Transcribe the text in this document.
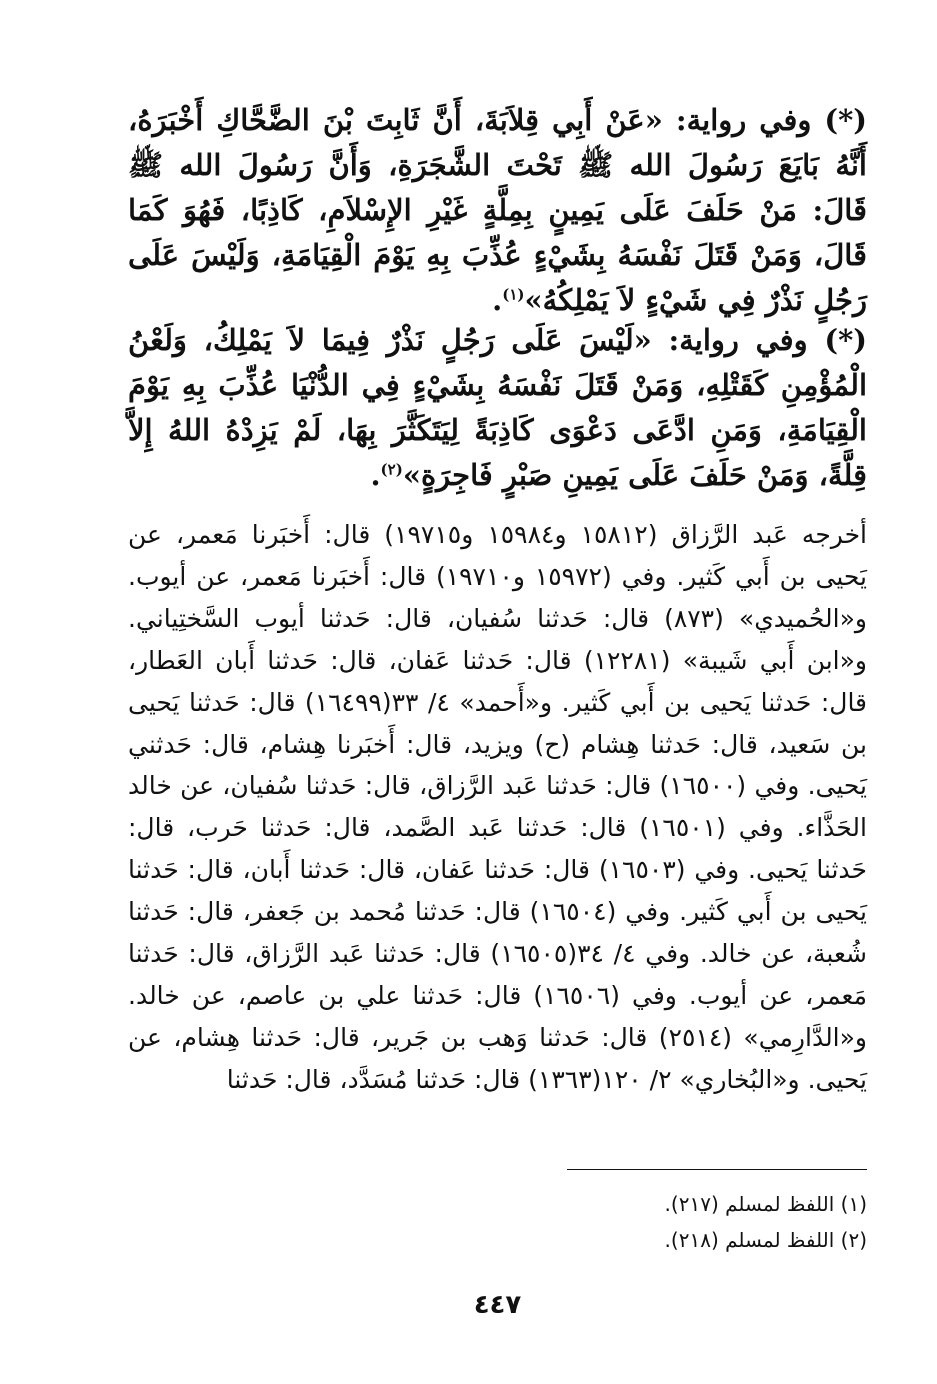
(*) وفي رواية: «عَنْ أَبِي قِلاَبَةَ، أَنَّ ثَابِتَ بْنَ الضَّحَّاكِ أَخْبَرَهُ، أَنَّهُ بَايَعَ رَسُولَ الله ﷺ تَحْتَ الشَّجَرَةِ، وَأَنَّ رَسُولَ الله ﷺ قَالَ: مَنْ حَلَفَ عَلَى يَمِينٍ بِمِلَّةٍ غَيْرِ الإِسْلاَمِ، كَاذِبًا، فَهُوَ كَمَا قَالَ، وَمَنْ قَتَلَ نَفْسَهُ بِشَيْءٍ عُذِّبَ بِهِ يَوْمَ الْقِيَامَةِ، وَلَيْسَ عَلَى رَجُلٍ نَذْرٌ فِي شَيْءٍ لاَ يَمْلِكُهُ»$^{(١)}$.

(*) وفي رواية: «لَيْسَ عَلَى رَجُلٍ نَذْرٌ فِيمَا لاَ يَمْلِكُ، وَلَعْنُ الْمُؤْمِنِ كَقَتْلِهِ، وَمَنْ قَتَلَ نَفْسَهُ بِشَيْءٍ فِي الدُّنْيَا عُذِّبَ بِهِ يَوْمَ الْقِيَامَةِ، وَمَنِ ادَّعَى دَعْوَى كَاذِبَةً لِيَتَكَثَّرَ بِهَا، لَمْ يَزِدْهُ اللهُ إِلاَّ قِلَّةً، وَمَنْ حَلَفَ عَلَى يَمِينِ صَبْرٍ فَاجِرَةٍ»$^{(٢)}$.

أخرجه عَبد الرَّزاق (١٥٨١٢ و١٥٩٨٤ و١٩٧١٥) قال: أَخبَرنا مَعمر، عن يَحيى بن أَبي كَثير. وفي (١٥٩٧٢ و١٩٧١٠) قال: أَخبَرنا مَعمر، عن أيوب. و«الحُميدي» (٨٧٣) قال: حَدثنا سُفيان، قال: حَدثنا أيوب السَّختِياني. و«ابن أَبي شَيبة» (١٢٢٨١) قال: حَدثنا عَفان، قال: حَدثنا أَبان العَطار، قال: حَدثنا يَحيى بن أَبي كَثير. و«أَحمد» ٤/ ٣٣(١٦٤٩٩) قال: حَدثنا يَحيى بن سَعيد، قال: حَدثنا هِشام (ح) ويزيد، قال: أَخبَرنا هِشام، قال: حَدثني يَحيى. وفي (١٦٥٠٠) قال: حَدثنا عَبد الرَّزاق، قال: حَدثنا سُفيان، عن خالد الحَذَّاء. وفي (١٦٥٠١) قال: حَدثنا عَبد الصَّمد، قال: حَدثنا حَرب، قال: حَدثنا يَحيى. وفي (١٦٥٠٣) قال: حَدثنا عَفان، قال: حَدثنا أَبان، قال: حَدثنا يَحيى بن أَبي كَثير. وفي (١٦٥٠٤) قال: حَدثنا مُحمد بن جَعفر، قال: حَدثنا شُعبة، عن خالد. وفي ٤/ ٣٤(١٦٥٠٥) قال: حَدثنا عَبد الرَّزاق، قال: حَدثنا مَعمر، عن أيوب. وفي (١٦٥٠٦) قال: حَدثنا علي بن عاصم، عن خالد. و«الدَّارِمي» (٢٥١٤) قال: حَدثنا وَهب بن جَرير، قال: حَدثنا هِشام، عن يَحيى. و«البُخاري» ٢/ ١٢٠(١٣٦٣) قال: حَدثنا مُسَدَّد، قال: حَدثنا

(١) اللفظ لمسلم (٢١٧).

(٢) اللفظ لمسلم (٢١٨).

٤٤٧
